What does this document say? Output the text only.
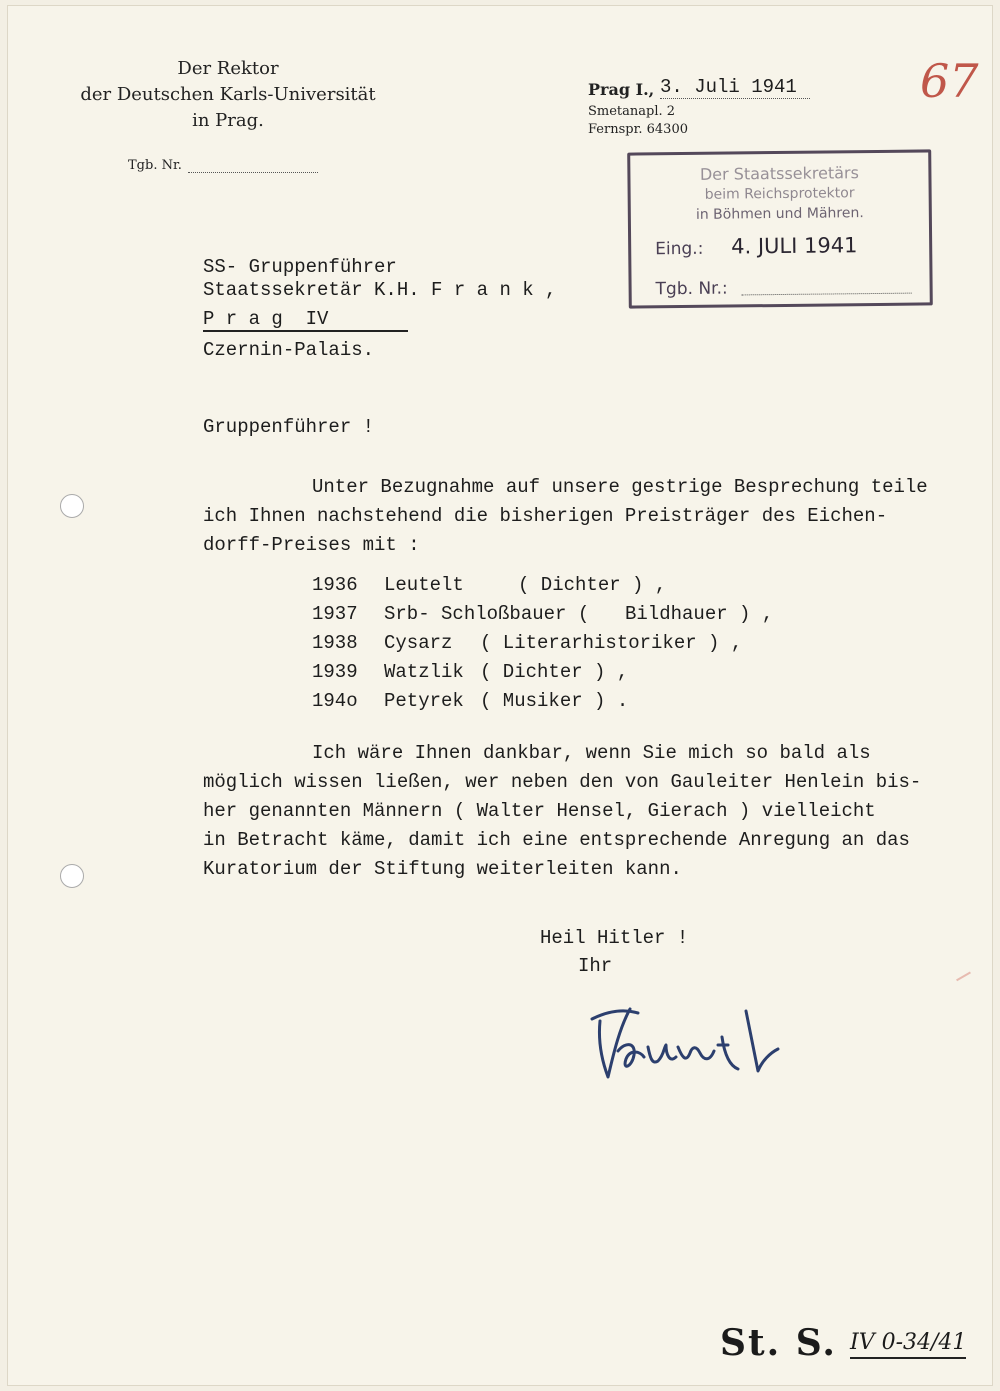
Der Rektor
der Deutschen Karls-Universität
in Prag.
Tgb. Nr.
Prag I., 3. Juli 1941
Smetanapl. 2
Fernspr. 64300
67
Der Staatssekretärs
beim Reichsprotektor
in Böhmen und Mähren.
Eing.: 4. JULI 1941
Tgb. Nr.:
SS- Gruppenführer
Staatssekretär K.H. F r a n k ,
P r a g  IV
Czernin-Palais.
Gruppenführer !
Unter Bezugnahme auf unsere gestrige Besprechung teile
ich Ihnen nachstehend die bisherigen Preisträger des Eichen-
dorff-Preises mit :
1936 Leutelt	( Dichter ) ,
1937 Srb- Schloßbauer ( Bildhauer ) ,
1938 Cysarz ( Literarhistoriker ) ,
1939 Watzlik ( Dichter ) ,
194o Petyrek ( Musiker ) .
Ich wäre Ihnen dankbar, wenn Sie mich so bald als
möglich wissen ließen, wer neben den von Gauleiter Henlein bis-
her genannten Männern ( Walter Hensel, Gierach ) vielleicht
in Betracht käme, damit ich eine entsprechende Anregung an das
Kuratorium der Stiftung weiterleiten kann.
Heil Hitler !
Ihr
St. S. IV 0-34/41
